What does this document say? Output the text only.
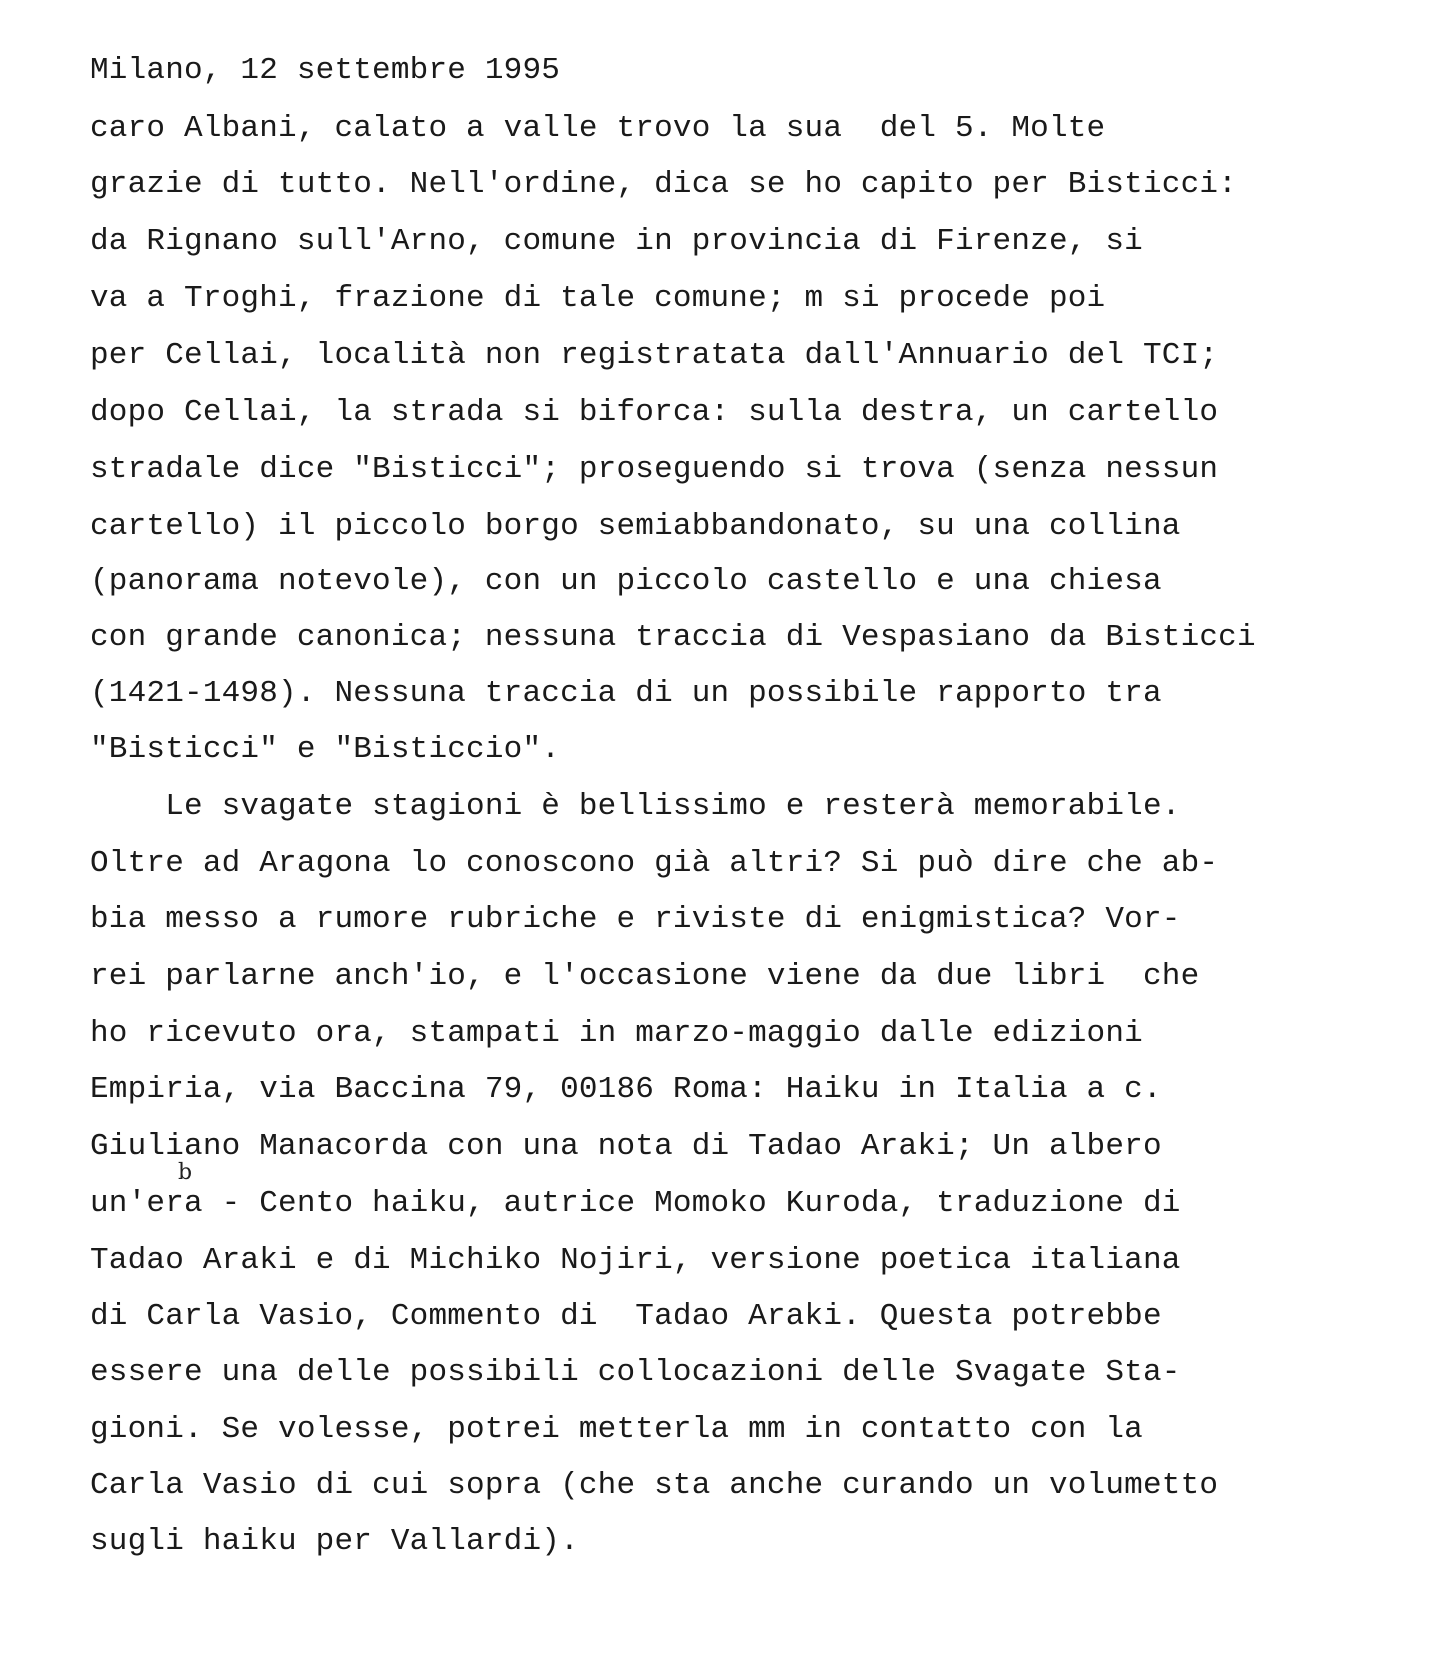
Milano, 12 settembre 1995
caro Albani, calato a valle trovo la sua  del 5. Molte
grazie di tutto. Nell'ordine, dica se ho capito per Bisticci:
da Rignano sull'Arno, comune in provincia di Firenze, si
va a Troghi, frazione di tale comune; m si procede poi
per Cellai, località non registratata dall'Annuario del TCI;
dopo Cellai, la strada si biforca: sulla destra, un cartello
stradale dice "Bisticci"; proseguendo si trova (senza nessun
cartello) il piccolo borgo semiabbandonato, su una collina
(panorama notevole), con un piccolo castello e una chiesa
con grande canonica; nessuna traccia di Vespasiano da Bisticci
(1421-1498). Nessuna traccia di un possibile rapporto tra
"Bisticci" e "Bisticcio".
Le svagate stagioni è bellissimo e resterà memorabile.
Oltre ad Aragona lo conoscono già altri? Si può dire che ab-
bia messo a rumore rubriche e riviste di enigmistica? Vor-
rei parlarne anch'io, e l'occasione viene da due libri  che
ho ricevuto ora, stampati in marzo-maggio dalle edizioni
Empiria, via Baccina 79, 00186 Roma: Haiku in Italia a c.
Giuliano Manacorda con una nota di Tadao Araki; Un albero
b
un'era - Cento haiku, autrice Momoko Kuroda, traduzione di
Tadao Araki e di Michiko Nojiri, versione poetica italiana
di Carla Vasio, Commento di  Tadao Araki. Questa potrebbe
essere una delle possibili collocazioni delle Svagate Sta-
gioni. Se volesse, potrei metterla mm in contatto con la
Carla Vasio di cui sopra (che sta anche curando un volumetto
sugli haiku per Vallardi).
